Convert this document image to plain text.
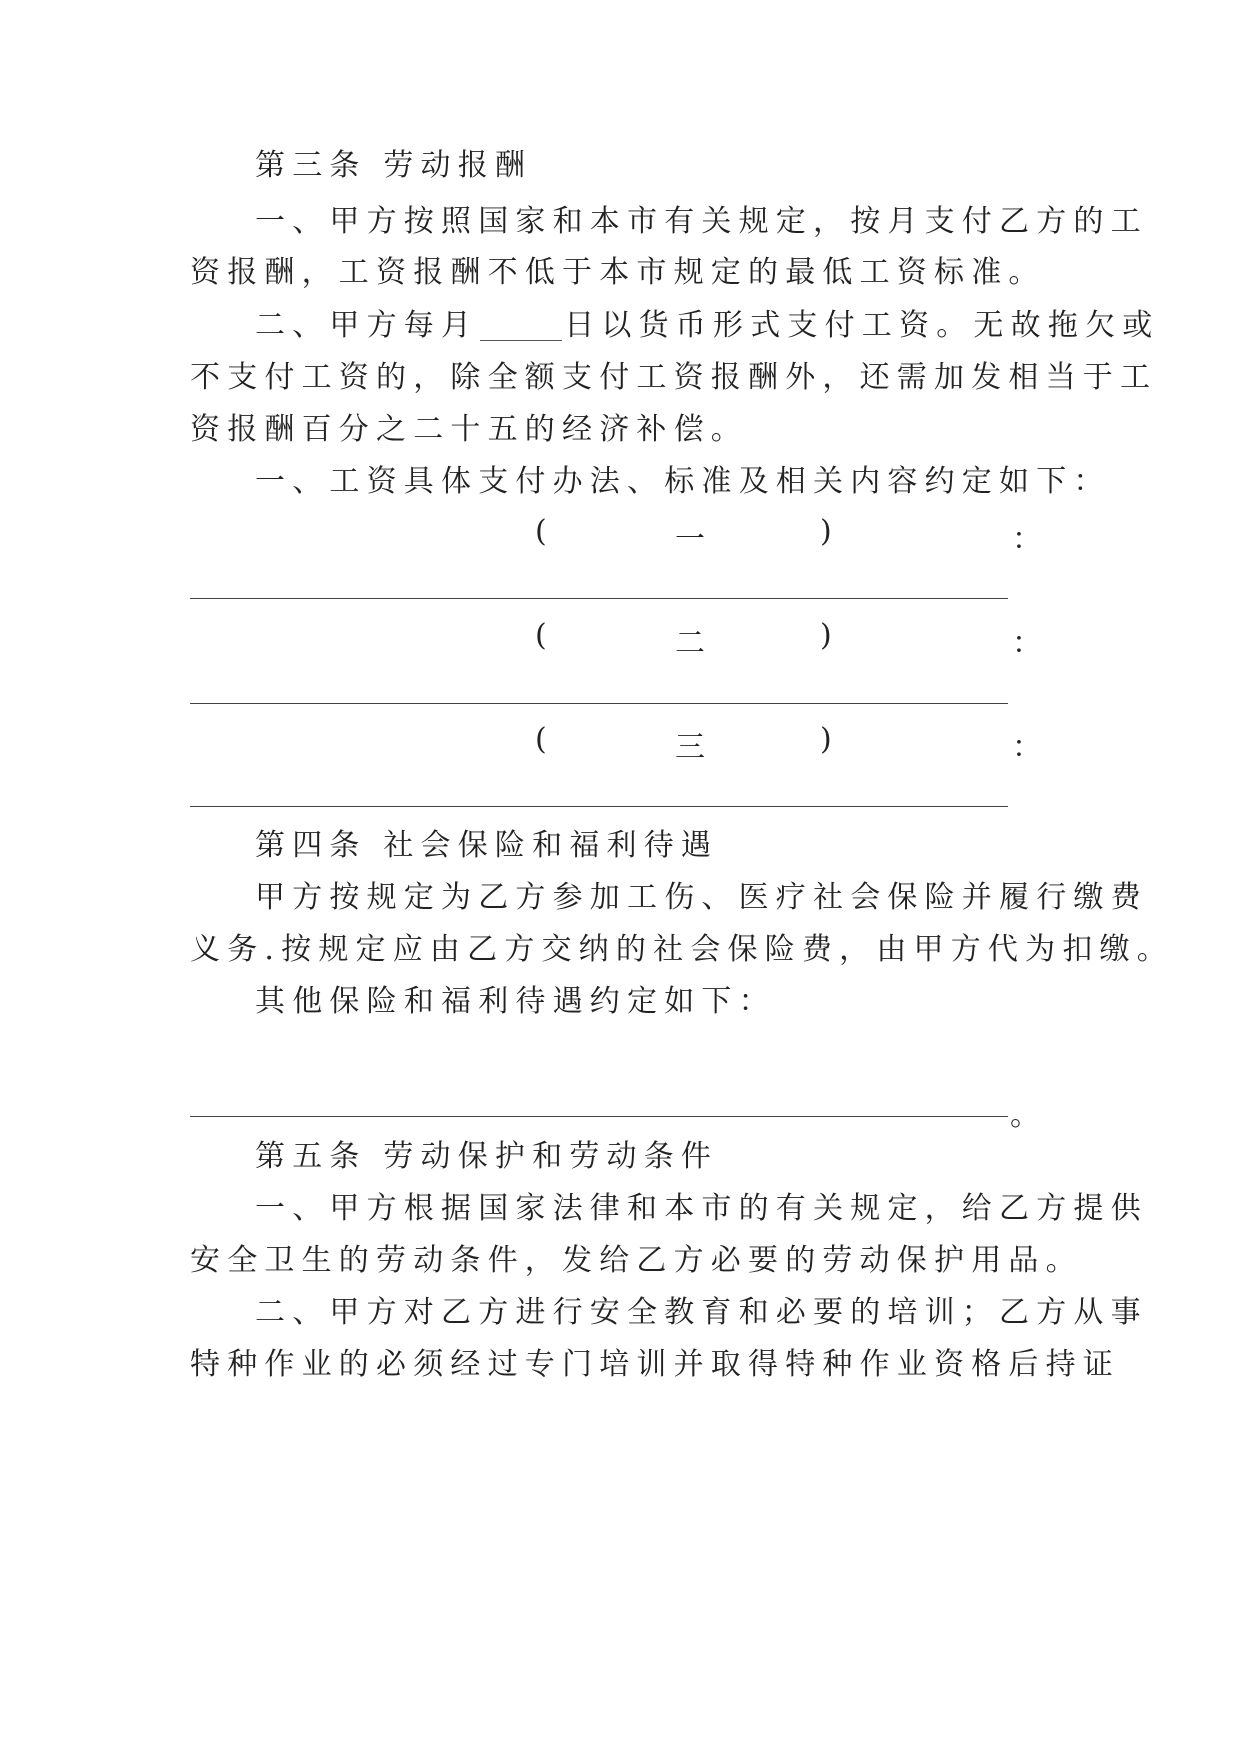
第三条 劳动报酬
一、甲方按照国家和本市有关规定，按月支付乙方的工
资报酬，工资报酬不低于本市规定的最低工资标准。
二、甲方每月	日以货币形式支付工资。无故拖欠或
不支付工资的，除全额支付工资报酬外，还需加发相当于工
资报酬百分之二十五的经济补偿。
一、工资具体支付办法、标准及相关内容约定如下：
(	一	)	：
(	二	)	：
(	三	)	：
第四条 社会保险和福利待遇
甲方按规定为乙方参加工伤、医疗社会保险并履行缴费
义务.按规定应由乙方交纳的社会保险费，由甲方代为扣缴。
其他保险和福利待遇约定如下：
。
第五条 劳动保护和劳动条件
一、甲方根据国家法律和本市的有关规定，给乙方提供
安全卫生的劳动条件，发给乙方必要的劳动保护用品。
二、甲方对乙方进行安全教育和必要的培训；乙方从事
特种作业的必须经过专门培训并取得特种作业资格后持证
